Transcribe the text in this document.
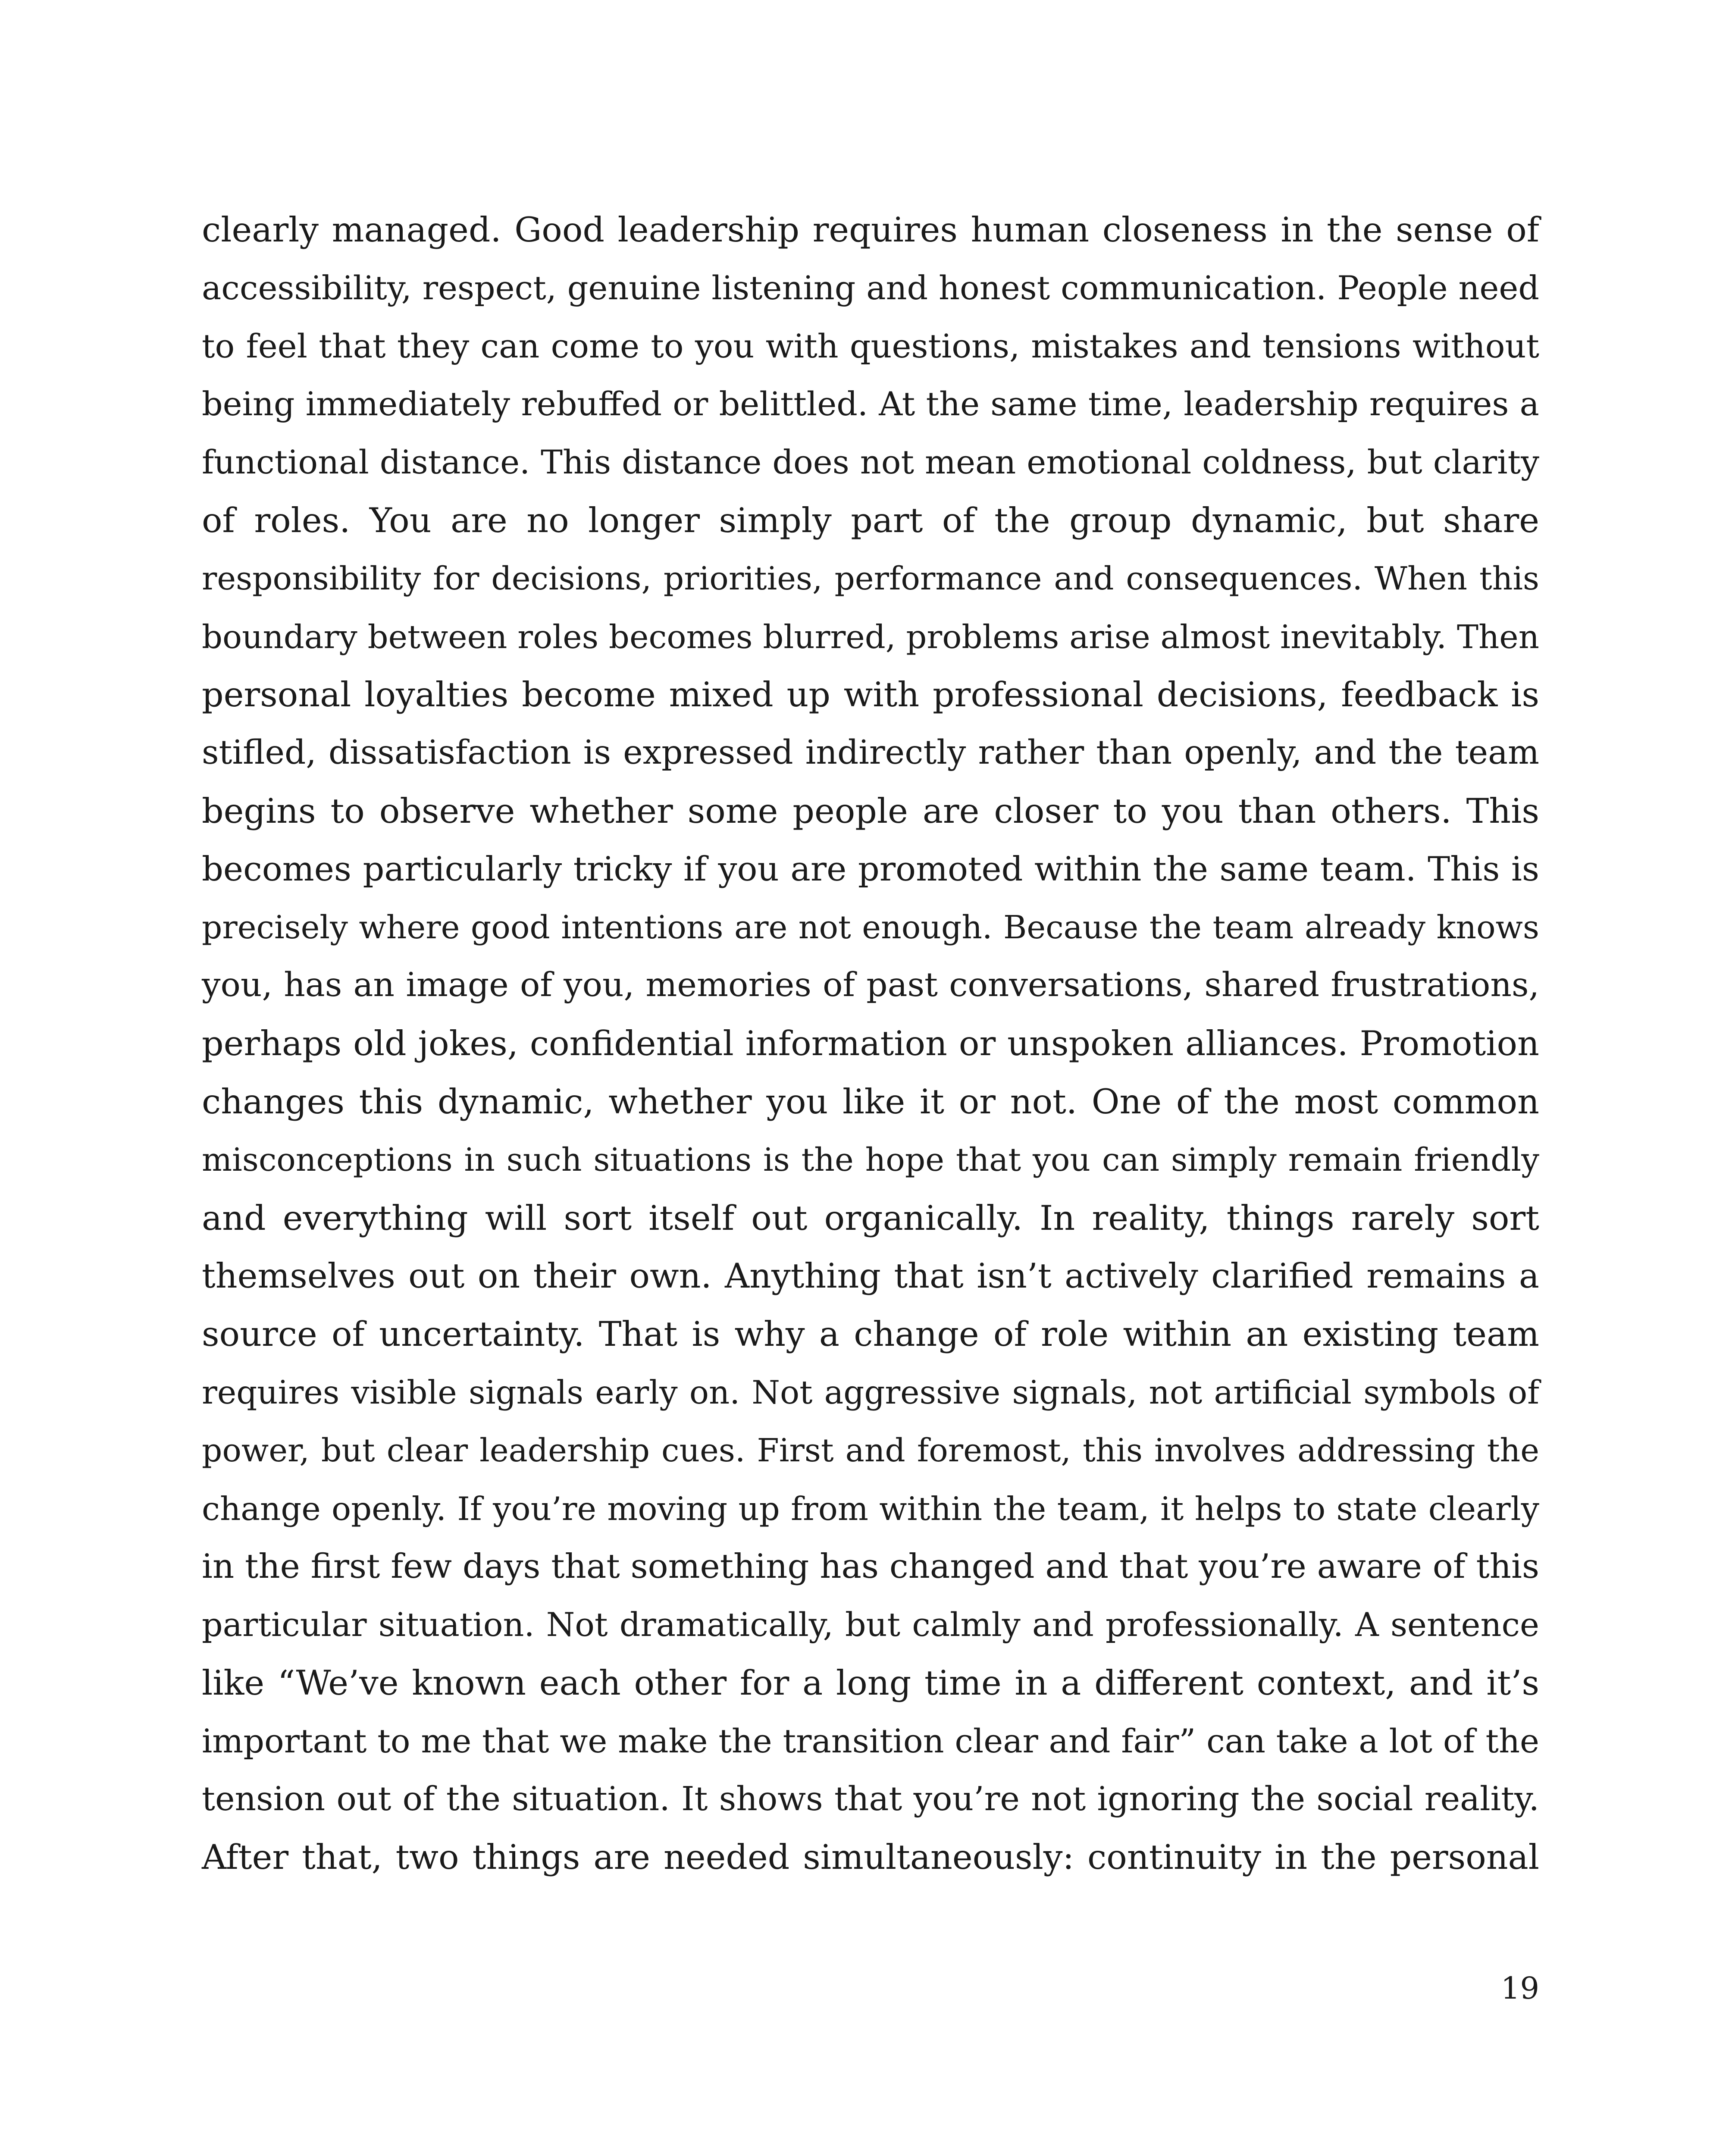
clearly managed. Good leadership requires human closeness in the sense of
accessibility, respect, genuine listening and honest communication. People need
to feel that they can come to you with questions, mistakes and tensions without
being immediately rebuffed or belittled. At the same time, leadership requires a
functional distance. This distance does not mean emotional coldness, but clarity
of roles. You are no longer simply part of the group dynamic, but share
responsibility for decisions, priorities, performance and consequences. When this
boundary between roles becomes blurred, problems arise almost inevitably. Then
personal loyalties become mixed up with professional decisions, feedback is
stifled, dissatisfaction is expressed indirectly rather than openly, and the team
begins to observe whether some people are closer to you than others. This
becomes particularly tricky if you are promoted within the same team. This is
precisely where good intentions are not enough. Because the team already knows
you, has an image of you, memories of past conversations, shared frustrations,
perhaps old jokes, confidential information or unspoken alliances. Promotion
changes this dynamic, whether you like it or not. One of the most common
misconceptions in such situations is the hope that you can simply remain friendly
and everything will sort itself out organically. In reality, things rarely sort
themselves out on their own. Anything that isn’t actively clarified remains a
source of uncertainty. That is why a change of role within an existing team
requires visible signals early on. Not aggressive signals, not artificial symbols of
power, but clear leadership cues. First and foremost, this involves addressing the
change openly. If you’re moving up from within the team, it helps to state clearly
in the first few days that something has changed and that you’re aware of this
particular situation. Not dramatically, but calmly and professionally. A sentence
like “We’ve known each other for a long time in a different context, and it’s
important to me that we make the transition clear and fair” can take a lot of the
tension out of the situation. It shows that you’re not ignoring the social reality.
After that, two things are needed simultaneously: continuity in the personal
19
